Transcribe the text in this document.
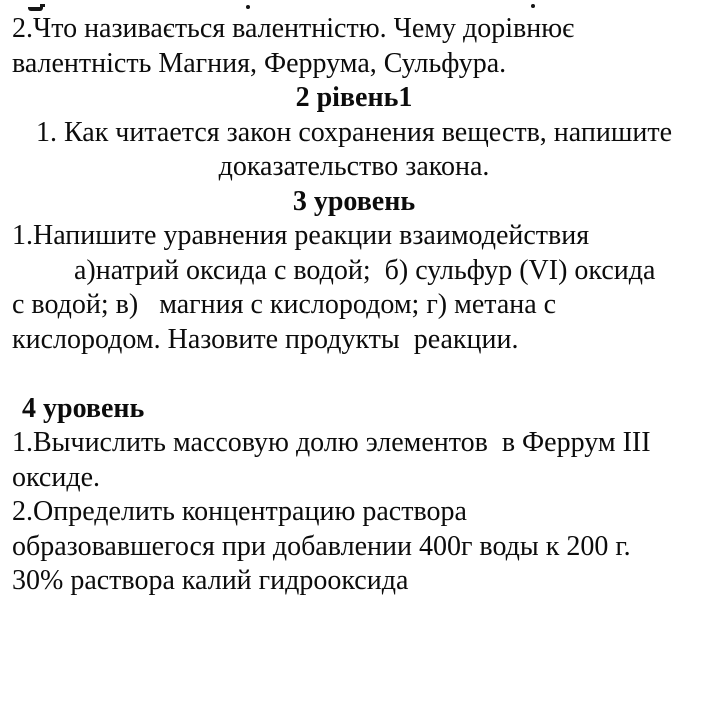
2.Что називається валентністю. Чему дорівнює
валентність Магния, Феррума, Сульфура.
2 рівень1
1. Как читается закон сохранения веществ, напишите
доказательство закона.
3 уровень
1.Напишите уравнения реакции взаимодействия
а)натрий оксида с водой;  б) сульфур (VI) оксида
с водой; в)   магния с кислородом; г) метана с
кислородом. Назовите продукты  реакции.
4 уровень
1.Вычислить массовую долю элементов  в Феррум III
оксиде.
2.Определить концентрацию раствора
образовавшегося при добавлении 400г воды к 200 г.
30% раствора калий гидрооксида
